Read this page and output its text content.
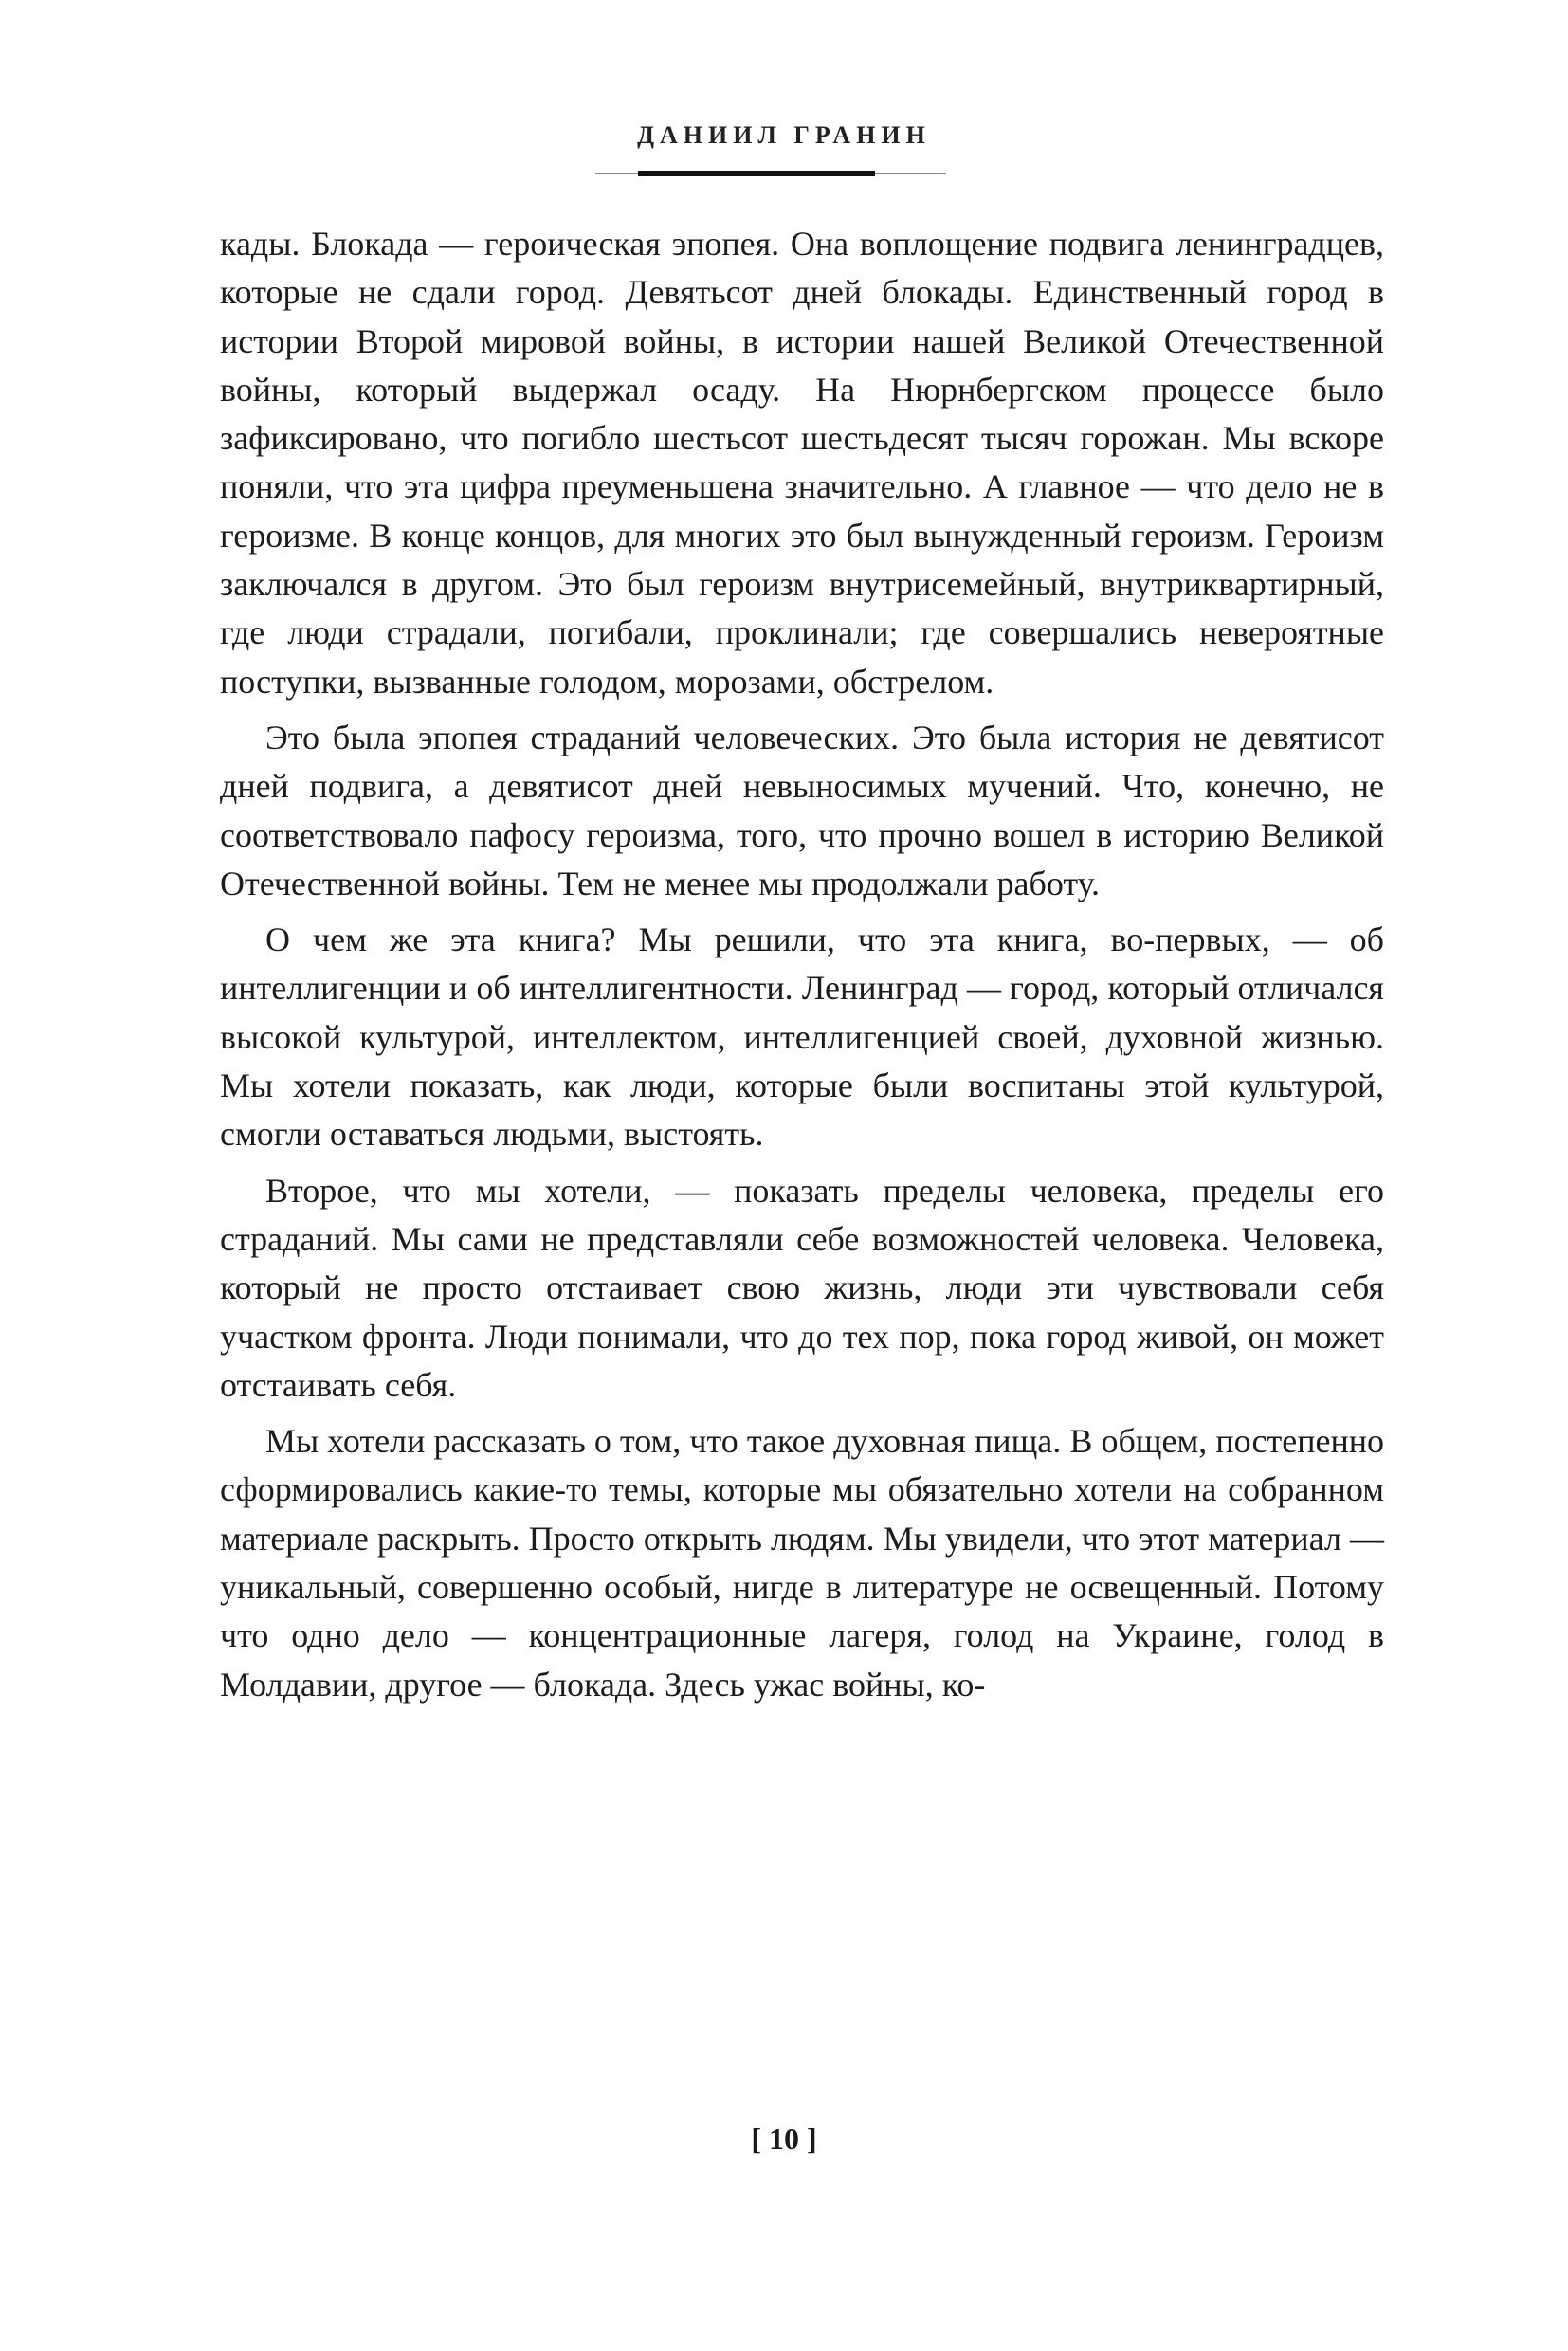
ДАНИИЛ ГРАНИН

кады. Блокада — героическая эпопея. Она воплощение подвига ленинградцев, которые не сдали город. Девятьсот дней блокады. Единственный город в истории Второй мировой войны, в истории нашей Великой Отечественной войны, который выдержал осаду. На Нюрнбергском процессе было зафиксировано, что погибло шестьсот шестьдесят тысяч горожан. Мы вскоре поняли, что эта цифра преуменьшена значительно. А главное — что дело не в героизме. В конце концов, для многих это был вынужденный героизм. Героизм заключался в другом. Это был героизм внутрисемейный, внутриквартирный, где люди страдали, погибали, проклинали; где совершались невероятные поступки, вызванные голодом, морозами, обстрелом.

Это была эпопея страданий человеческих. Это была история не девятисот дней подвига, а девятисот дней невыносимых мучений. Что, конечно, не соответствовало пафосу героизма, того, что прочно вошел в историю Великой Отечественной войны. Тем не менее мы продолжали работу.

О чем же эта книга? Мы решили, что эта книга, во-первых, — об интеллигенции и об интеллигентности. Ленинград — город, который отличался высокой культурой, интеллектом, интеллигенцией своей, духовной жизнью. Мы хотели показать, как люди, которые были воспитаны этой культурой, смогли оставаться людьми, выстоять.

Второе, что мы хотели, — показать пределы человека, пределы его страданий. Мы сами не представляли себе возможностей человека. Человека, который не просто отстаивает свою жизнь, люди эти чувствовали себя участком фронта. Люди понимали, что до тех пор, пока город живой, он может отстаивать себя.

Мы хотели рассказать о том, что такое духовная пища. В общем, постепенно сформировались какие-то темы, которые мы обязательно хотели на собранном материале раскрыть. Просто открыть людям. Мы увидели, что этот материал — уникальный, совершенно особый, нигде в литературе не освещенный. Потому что одно дело — концентрационные лагеря, голод на Украине, голод в Молдавии, другое — блокада. Здесь ужас войны, ко-

[ 10 ]
